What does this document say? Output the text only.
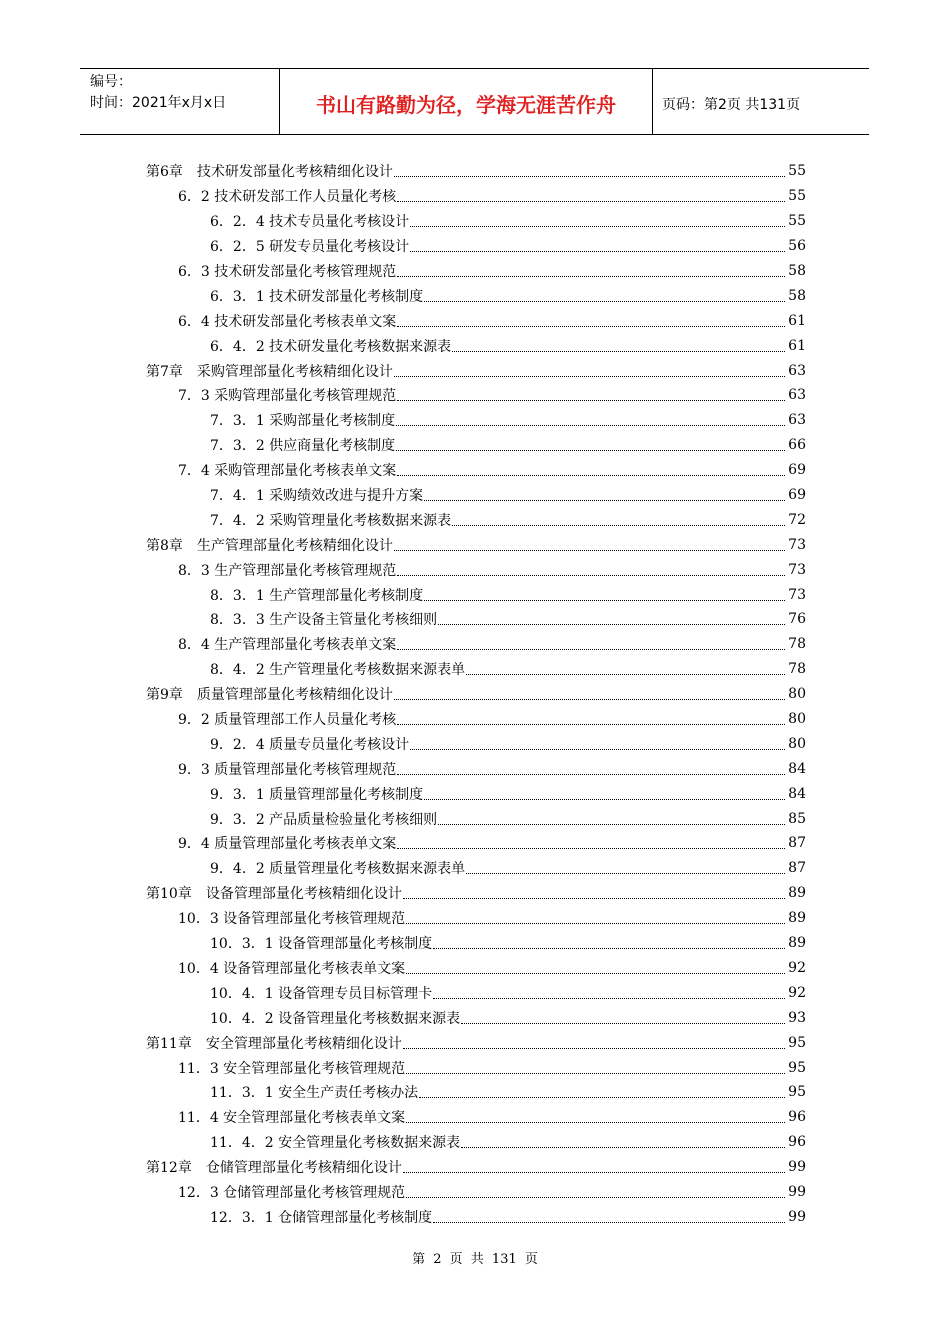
编号：
时间：2021年x月x日	书山有路勤为径，学海无涯苦作舟	页码：第2页 共131页
第6章　技术研发部量化考核精细化设计	55
6．2 技术研发部工作人员量化考核	55
6．2．4 技术专员量化考核设计	55
6．2．5 研发专员量化考核设计	56
6．3 技术研发部量化考核管理规范	58
6．3．1 技术研发部量化考核制度	58
6．4 技术研发部量化考核表单文案	61
6．4．2 技术研发量化考核数据来源表	61
第7章　采购管理部量化考核精细化设计	63
7．3 采购管理部量化考核管理规范	63
7．3．1 采购部量化考核制度	63
7．3．2 供应商量化考核制度	66
7．4 采购管理部量化考核表单文案	69
7．4．1 采购绩效改进与提升方案	69
7．4．2 采购管理量化考核数据来源表	72
第8章　生产管理部量化考核精细化设计	73
8．3 生产管理部量化考核管理规范	73
8．3．1 生产管理部量化考核制度	73
8．3．3 生产设备主管量化考核细则	76
8．4 生产管理部量化考核表单文案	78
8．4．2 生产管理量化考核数据来源表单	78
第9章　质量管理部量化考核精细化设计	80
9．2 质量管理部工作人员量化考核	80
9．2．4 质量专员量化考核设计	80
9．3 质量管理部量化考核管理规范	84
9．3．1 质量管理部量化考核制度	84
9．3．2 产品质量检验量化考核细则	85
9．4 质量管理部量化考核表单文案	87
9．4．2 质量管理量化考核数据来源表单	87
第10章　设备管理部量化考核精细化设计	89
10．3 设备管理部量化考核管理规范	89
10．3．1 设备管理部量化考核制度	89
10．4 设备管理部量化考核表单文案	92
10．4．1 设备管理专员目标管理卡	92
10．4．2 设备管理量化考核数据来源表	93
第11章　安全管理部量化考核精细化设计	95
11．3 安全管理部量化考核管理规范	95
11．3．1 安全生产责任考核办法	95
11．4 安全管理部量化考核表单文案	96
11．4．2 安全管理量化考核数据来源表	96
第12章　仓储管理部量化考核精细化设计	99
12．3 仓储管理部量化考核管理规范	99
12．3．1 仓储管理部量化考核制度	99
第 2 页 共 131 页
